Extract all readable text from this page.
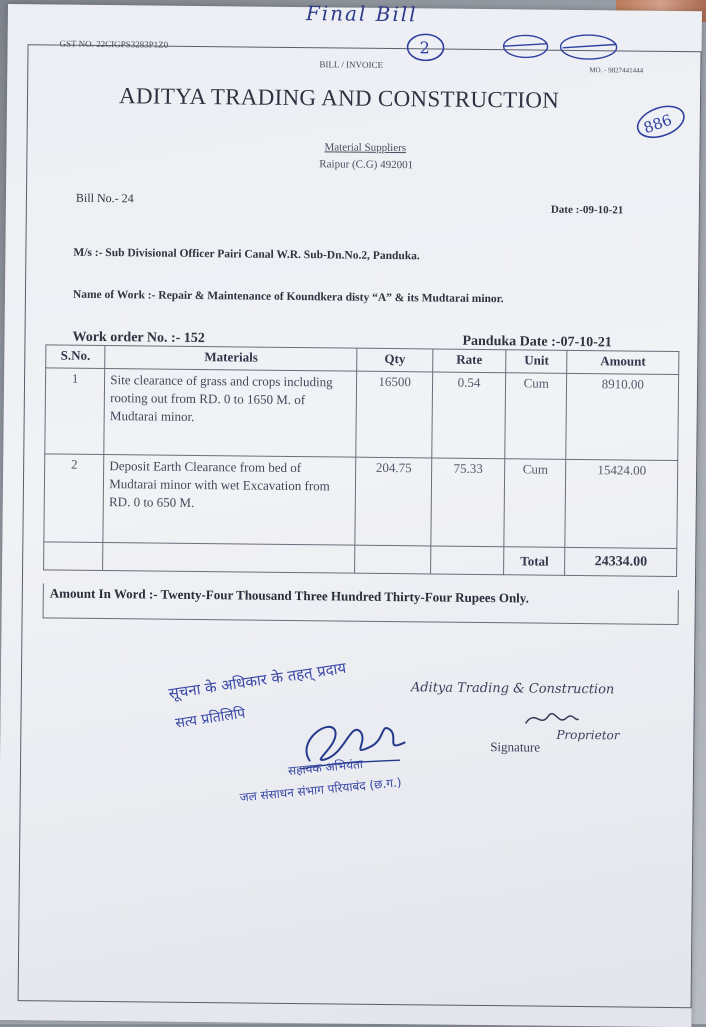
Final Bill
GST NO. 22CIGPS3283P1Z0
BILL / INVOICE
MO. - 9827441444
2
886
ADITYA TRADING AND CONSTRUCTION
Material Suppliers
Raipur (C.G) 492001
Bill No.- 24
Date :-09-10-21
M/s :- Sub Divisional Officer Pairi Canal W.R. Sub-Dn.No.2, Panduka.
Name of Work :- Repair & Maintenance of Koundkera disty “A” & its Mudtarai minor.
Work order No. :- 152	Panduka Date :-07-10-21
S.No.	Materials	Qty	Rate	Unit	Amount
1	Site clearance of grass and crops including rooting out from RD. 0 to 1650 M. of Mudtarai minor.	16500	0.54	Cum	8910.00
2	Deposit Earth Clearance from bed of Mudtarai minor with wet Excavation from RD. 0 to 650 M.	204.75	75.33	Cum	15424.00
				Total	24334.00
Amount In Word :- Twenty-Four Thousand Three Hundred Thirty-Four Rupees Only.
सूचना के अधिकार के तहत् प्रदाय
सत्य प्रतिलिपि
सहायक अभियंता
जल संसाधन संभाग परियाबंद (छ.ग.)
Aditya Trading & Construction
Proprietor
Signature
